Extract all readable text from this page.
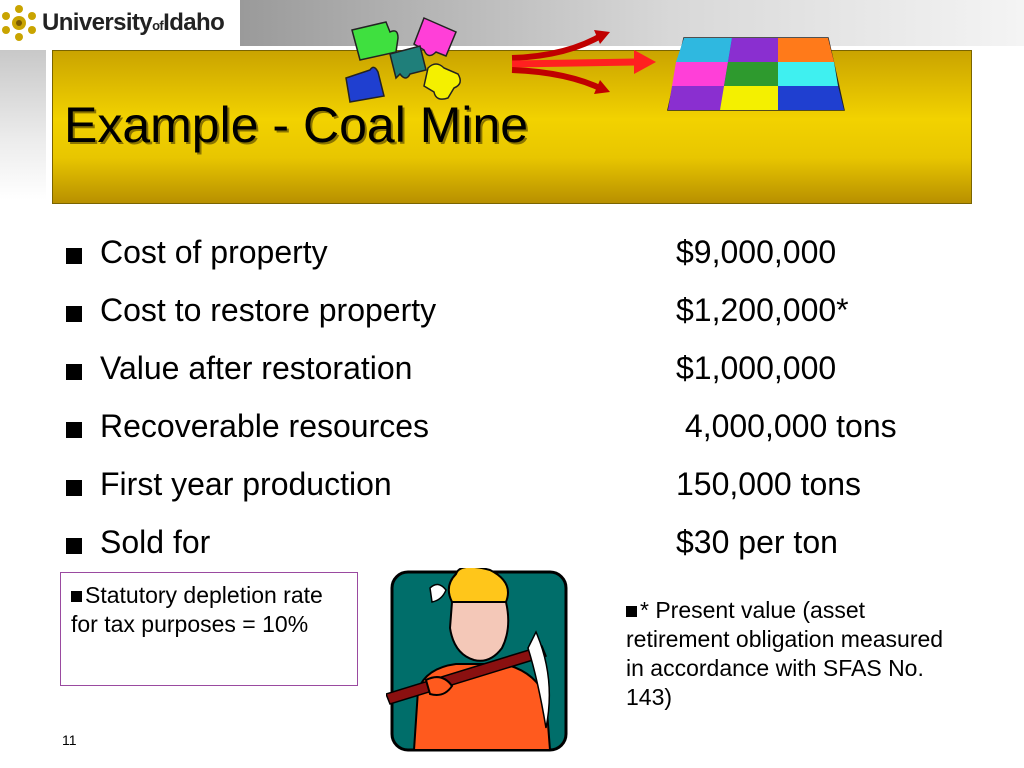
UniversityofIdaho
Example - Coal Mine
Cost of property	$9,000,000
Cost to restore property	$1,200,000*
Value after restoration	$1,000,000
Recoverable resources	4,000,000 tons
First year production	150,000 tons
Sold for	$30 per ton
Statutory depletion rate for tax purposes = 10%
* Present value (asset retirement obligation measured in accordance with SFAS No. 143)
11
